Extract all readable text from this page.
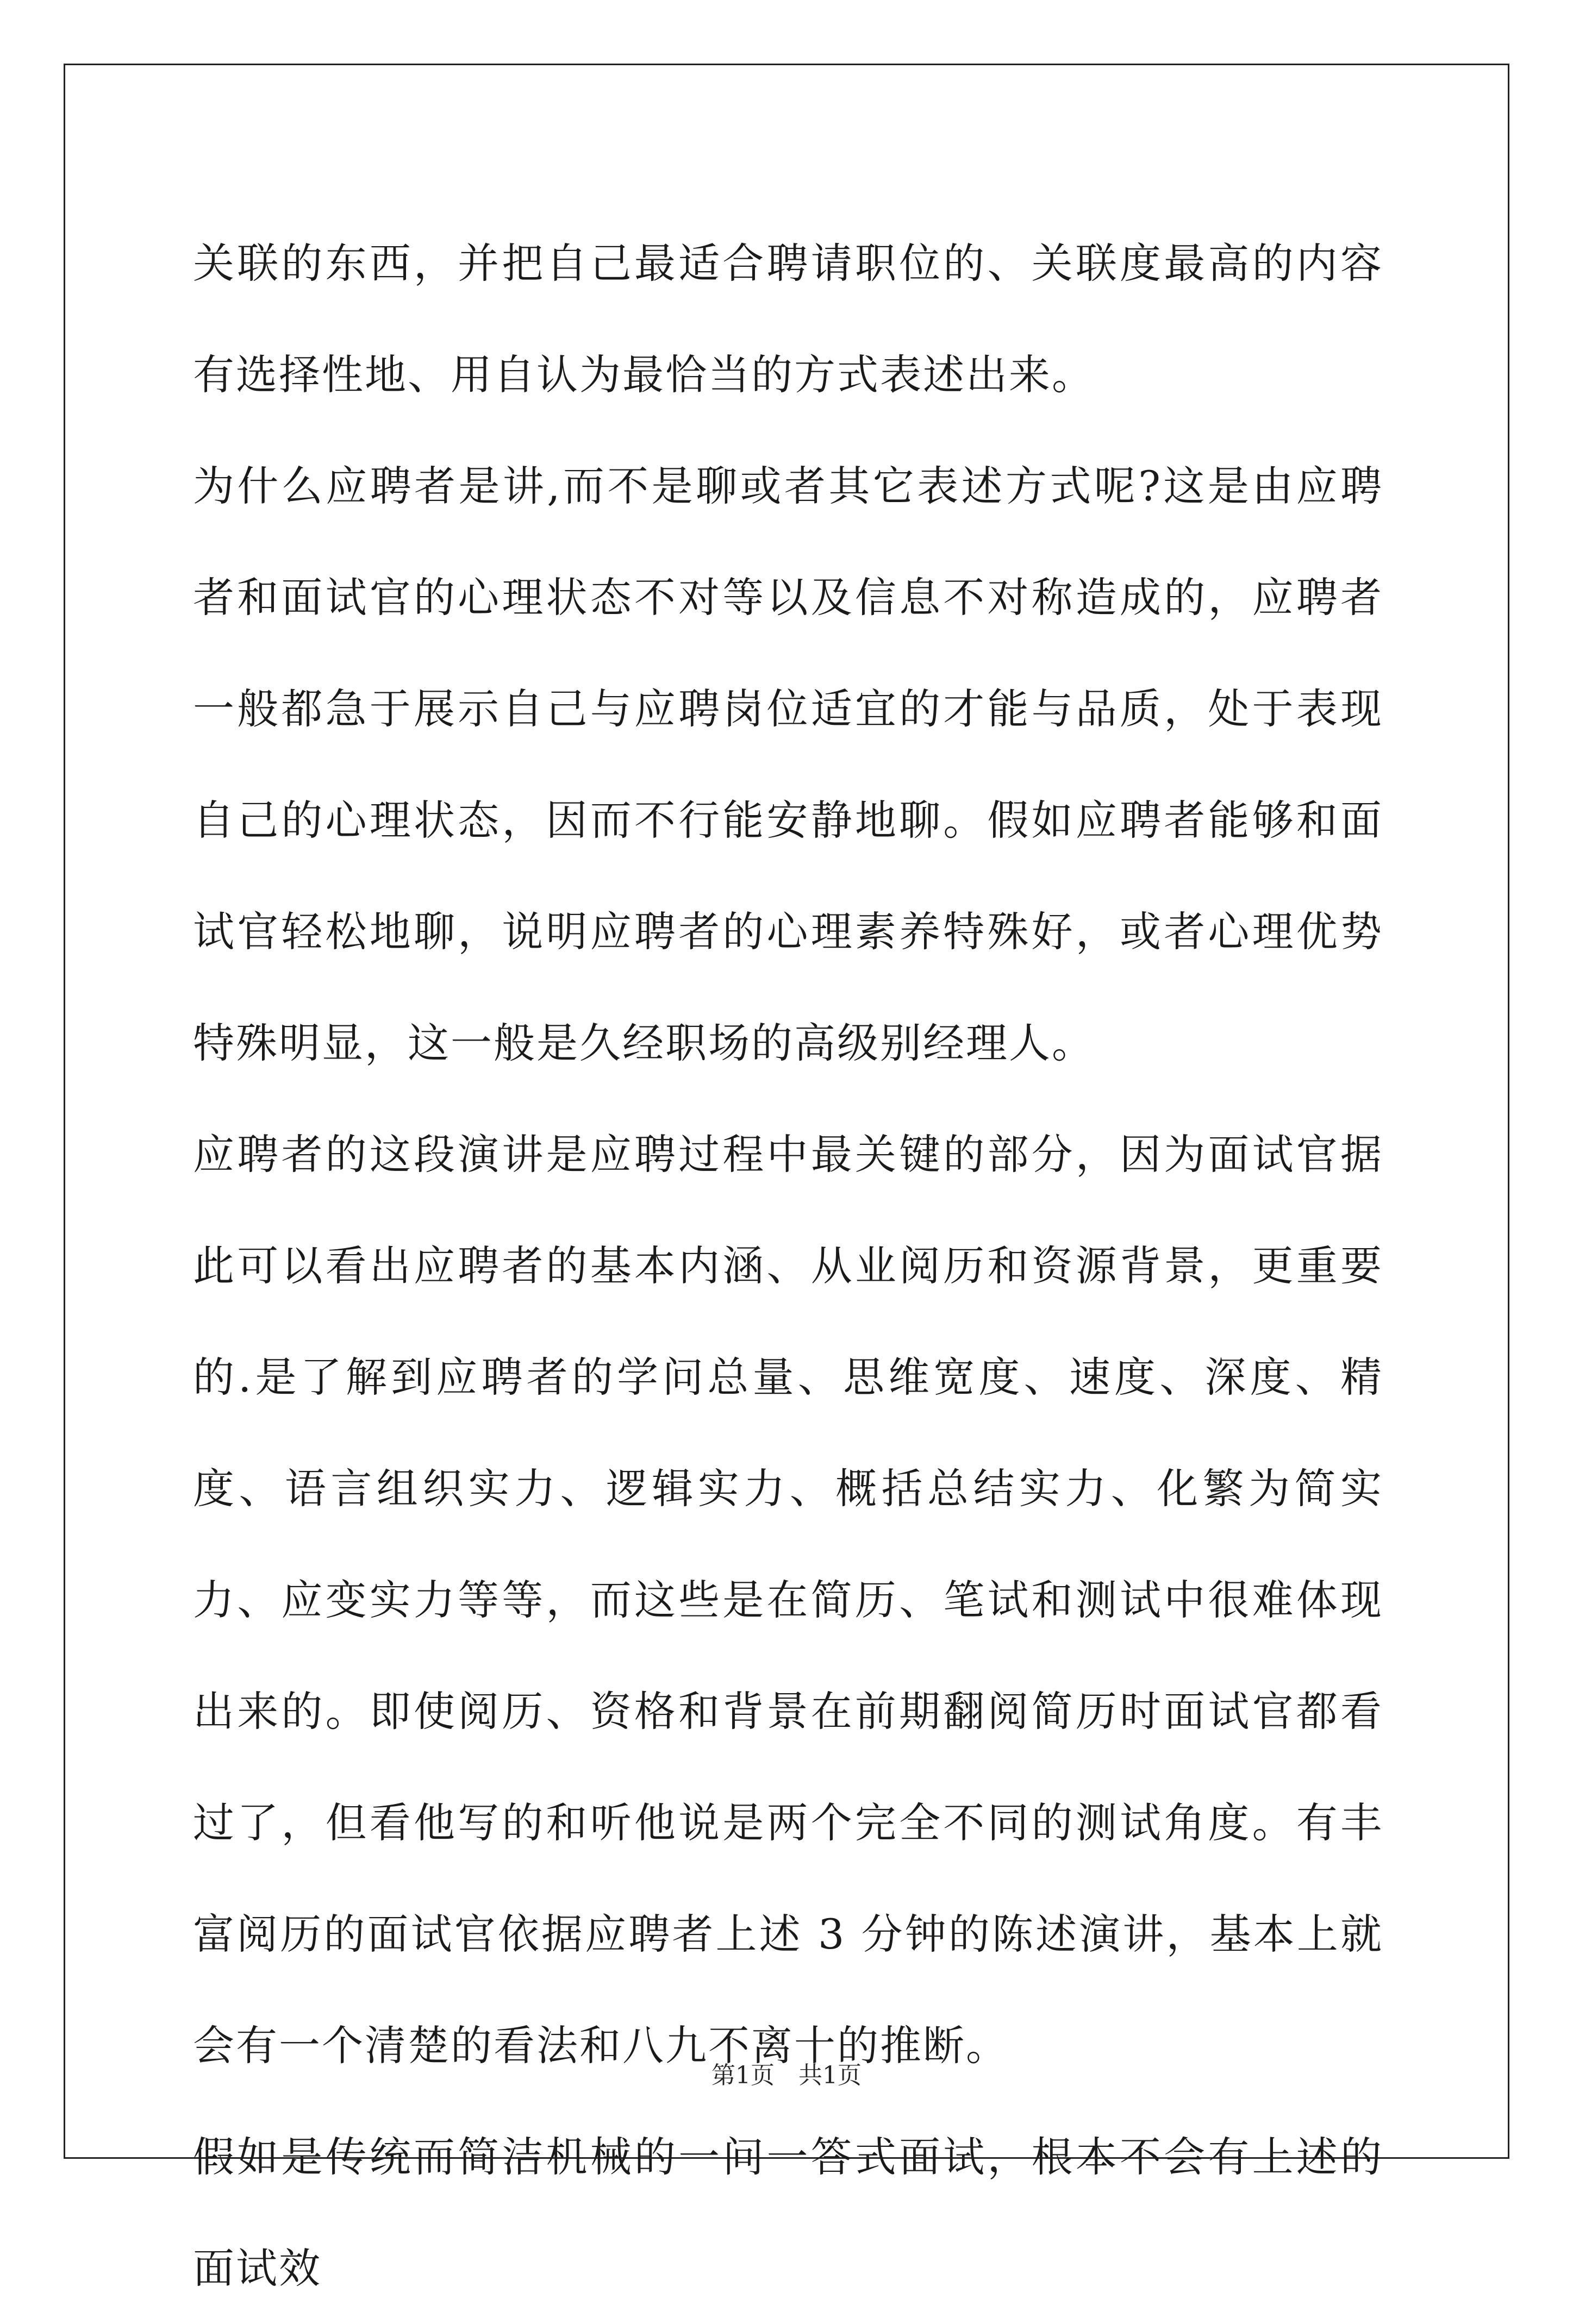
关联的东西，并把自己最适合聘请职位的、关联度最高的内容有选择性地、用自认为最恰当的方式表述出来。

为什么应聘者是讲,而不是聊或者其它表述方式呢?这是由应聘者和面试官的心理状态不对等以及信息不对称造成的，应聘者一般都急于展示自己与应聘岗位适宜的才能与品质，处于表现自己的心理状态，因而不行能安静地聊。假如应聘者能够和面试官轻松地聊，说明应聘者的心理素养特殊好，或者心理优势特殊明显，这一般是久经职场的高级别经理人。

应聘者的这段演讲是应聘过程中最关键的部分，因为面试官据此可以看出应聘者的基本内涵、从业阅历和资源背景，更重要的.是了解到应聘者的学问总量、思维宽度、速度、深度、精度、语言组织实力、逻辑实力、概括总结实力、化繁为简实力、应变实力等等，而这些是在简历、笔试和测试中很难体现出来的。即使阅历、资格和背景在前期翻阅简历时面试官都看过了，但看他写的和听他说是两个完全不同的测试角度。有丰富阅历的面试官依据应聘者上述 3 分钟的陈述演讲，基本上就会有一个清楚的看法和八九不离十的推断。

假如是传统而简洁机械的一问一答式面试，根本不会有上述的面试效

第1页　共1页
